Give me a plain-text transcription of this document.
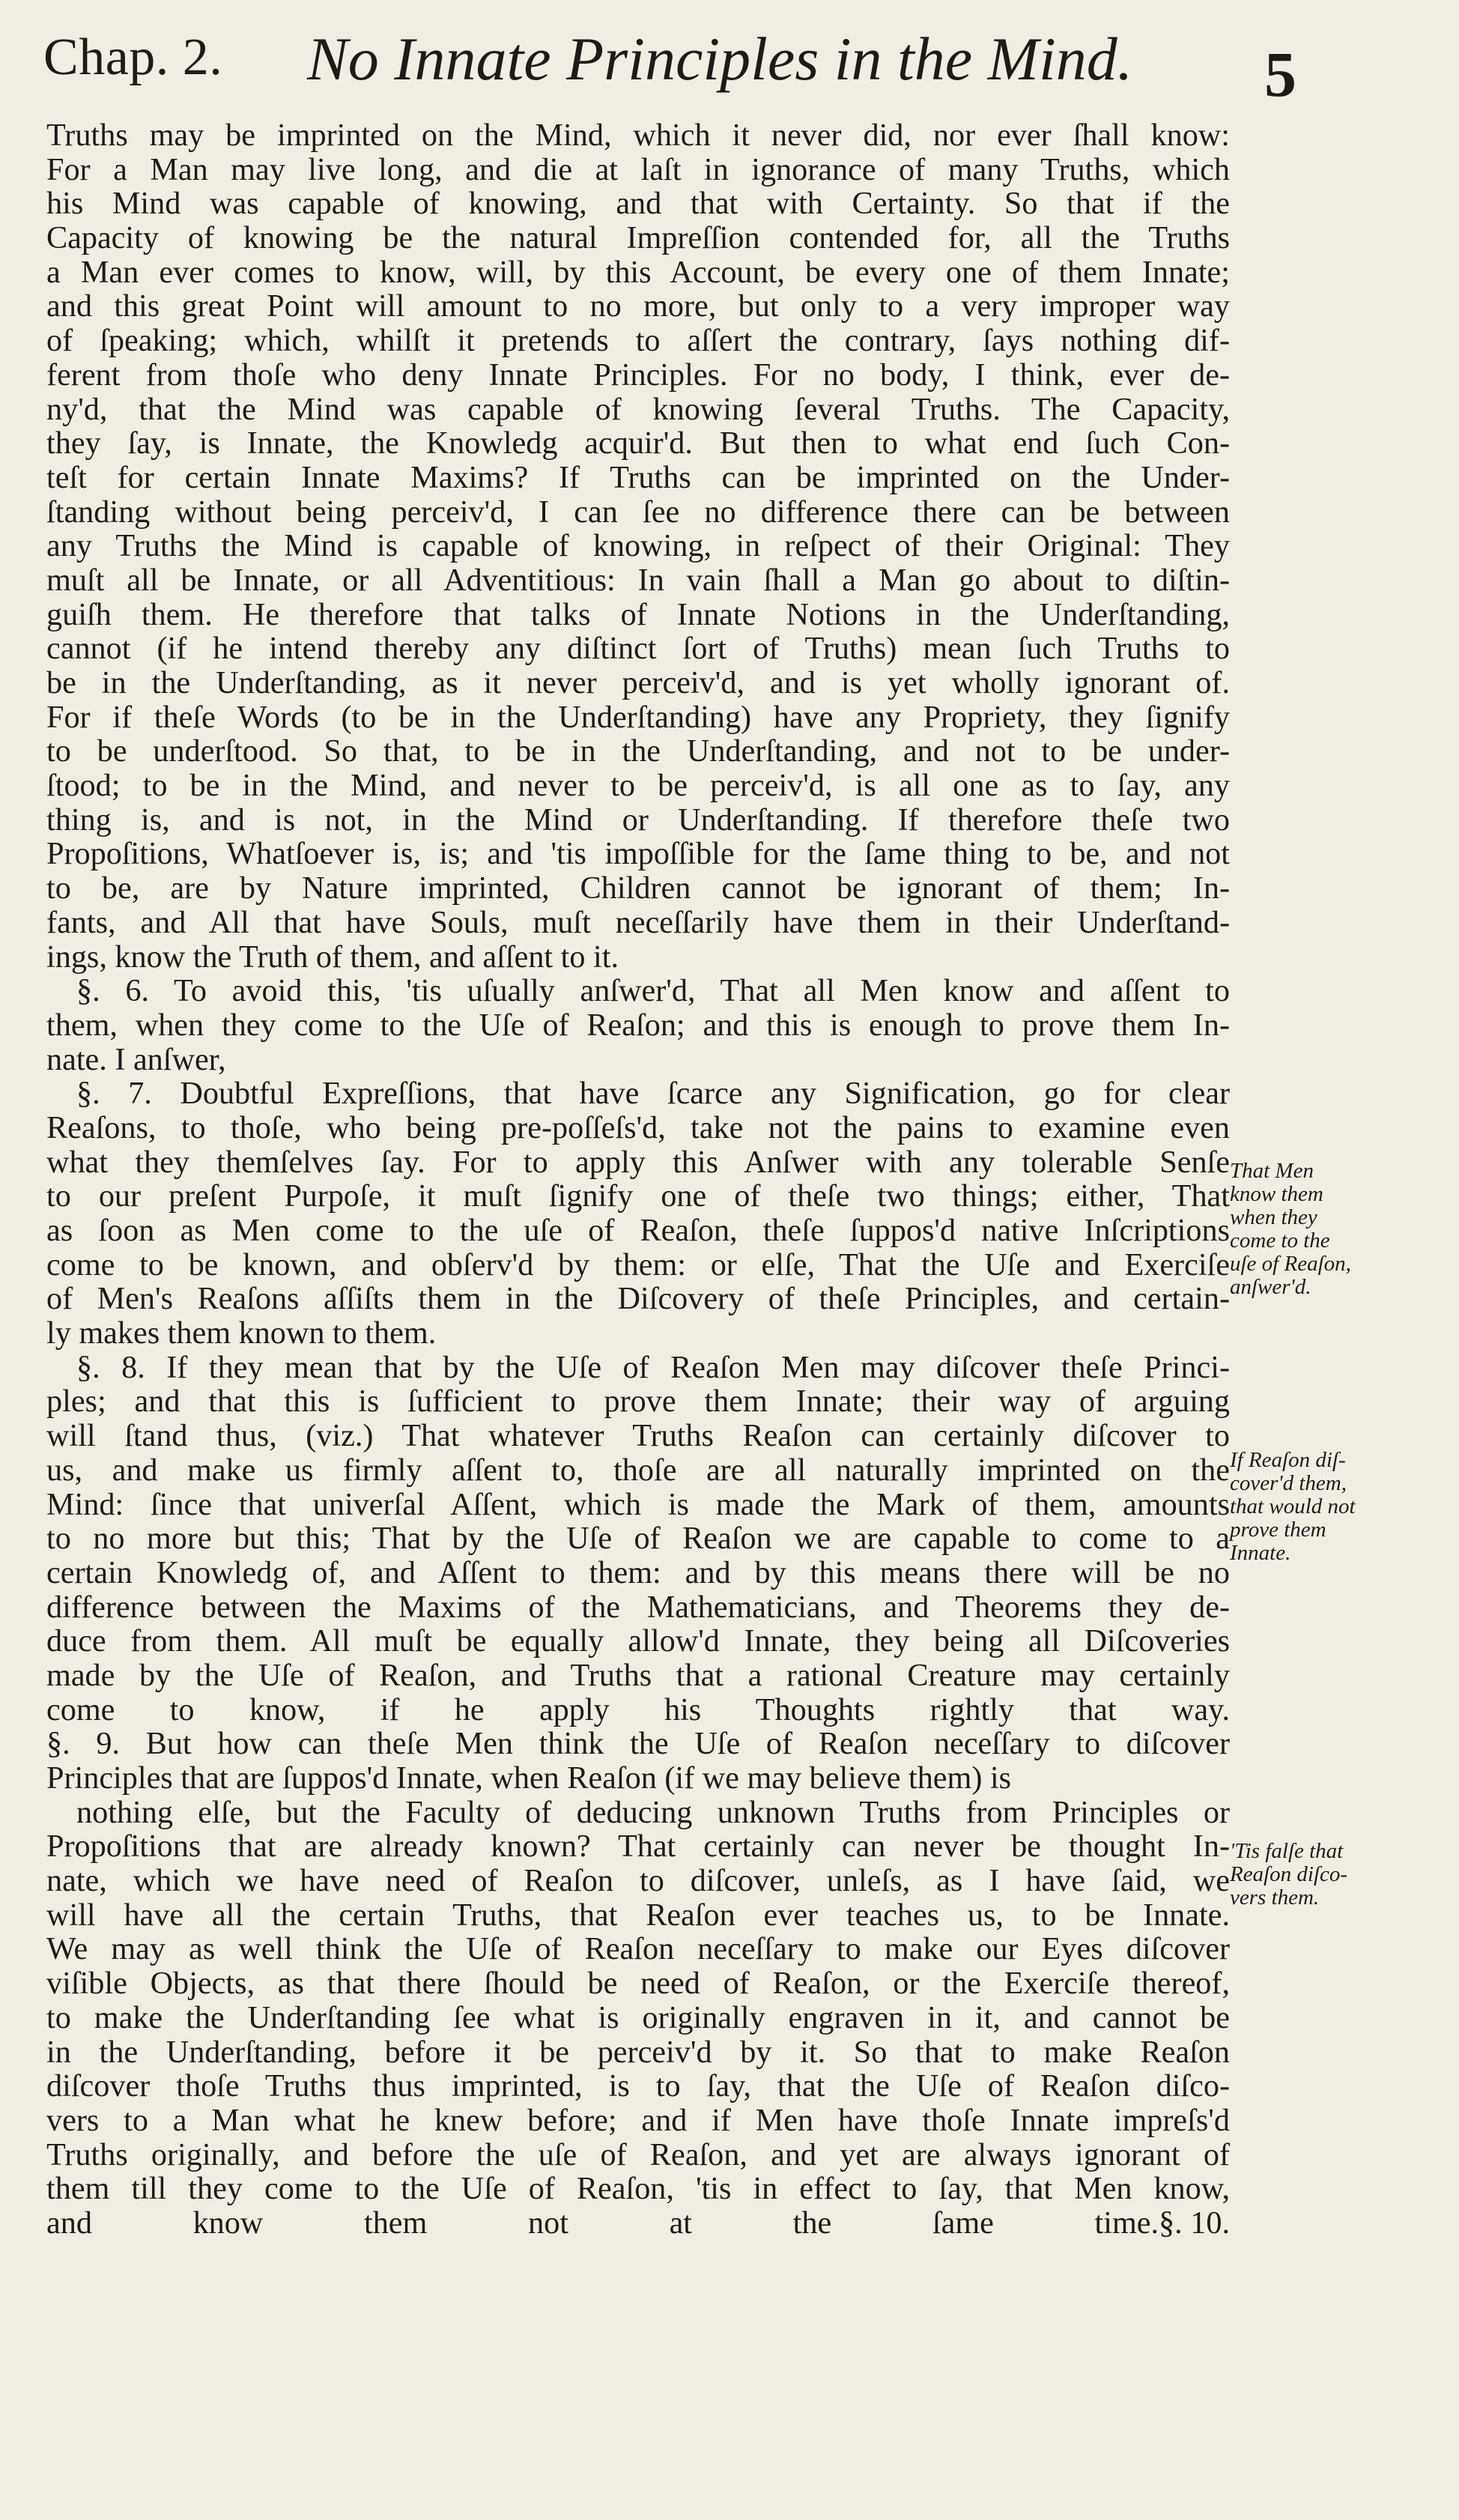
Chap. 2. No Innate Principles in the Mind. 5
Truths may be imprinted on the Mind, which it never did, nor ever ſhall know:
For a Man may live long, and die at laſt in ignorance of many Truths, which
his Mind was capable of knowing, and that with Certainty. So that if the
Capacity of knowing be the natural Impreſſion contended for, all the Truths
a Man ever comes to know, will, by this Account, be every one of them Innate;
and this great Point will amount to no more, but only to a very improper way
of ſpeaking; which, whilſt it pretends to aſſert the contrary, ſays nothing dif-
ferent from thoſe who deny Innate Principles. For no body, I think, ever de-
ny'd, that the Mind was capable of knowing ſeveral Truths. The Capacity,
they ſay, is Innate, the Knowledg acquir'd. But then to what end ſuch Con-
teſt for certain Innate Maxims? If Truths can be imprinted on the Under-
ſtanding without being perceiv'd, I can ſee no difference there can be between
any Truths the Mind is capable of knowing, in reſpect of their Original: They
muſt all be Innate, or all Adventitious: In vain ſhall a Man go about to diſtin-
guiſh them. He therefore that talks of Innate Notions in the Underſtanding,
cannot (if he intend thereby any diſtinct ſort of Truths) mean ſuch Truths to
be in the Underſtanding, as it never perceiv'd, and is yet wholly ignorant of.
For if theſe Words (to be in the Underſtanding) have any Propriety, they ſignify
to be underſtood. So that, to be in the Underſtanding, and not to be under-
ſtood; to be in the Mind, and never to be perceiv'd, is all one as to ſay, any
thing is, and is not, in the Mind or Underſtanding. If therefore theſe two
Propoſitions, Whatſoever is, is; and 'tis impoſſible for the ſame thing to be, and not
to be, are by Nature imprinted, Children cannot be ignorant of them; In-
fants, and All that have Souls, muſt neceſſarily have them in their Underſtand-
ings, know the Truth of them, and aſſent to it.
§. 6. To avoid this, 'tis uſually anſwer'd, That all Men know and aſſent to
them, when they come to the Uſe of Reaſon; and this is enough to prove them In-
nate. I anſwer,
§. 7. Doubtful Expreſſions, that have ſcarce any Signification, go for clear
Reaſons, to thoſe, who being pre-poſſeſs'd, take not the pains to examine even
what they themſelves ſay. For to apply this Anſwer with any tolerable Senſe
to our preſent Purpoſe, it muſt ſignify one of theſe two things; either, That
as ſoon as Men come to the uſe of Reaſon, theſe ſuppos'd native Inſcriptions
come to be known, and obſerv'd by them: or elſe, That the Uſe and Exerciſe
of Men's Reaſons aſſiſts them in the Diſcovery of theſe Principles, and certain-
ly makes them known to them.
§. 8. If they mean that by the Uſe of Reaſon Men may diſcover theſe Princi-
ples; and that this is ſufficient to prove them Innate; their way of arguing
will ſtand thus, (viz.) That whatever Truths Reaſon can certainly diſcover to
us, and make us firmly aſſent to, thoſe are all naturally imprinted on the
Mind: ſince that univerſal Aſſent, which is made the Mark of them, amounts
to no more but this; That by the Uſe of Reaſon we are capable to come to a
certain Knowledg of, and Aſſent to them: and by this means there will be no
difference between the Maxims of the Mathematicians, and Theorems they de-
duce from them. All muſt be equally allow'd Innate, they being all Diſcoveries
made by the Uſe of Reaſon, and Truths that a rational Creature may certainly
come to know, if he apply his Thoughts rightly that way.
§. 9. But how can theſe Men think the Uſe of Reaſon neceſſary to diſcover
Principles that are ſuppos'd Innate, when Reaſon (if we may believe them) is
nothing elſe, but the Faculty of deducing unknown Truths from Principles or
Propoſitions that are already known? That certainly can never be thought In-
nate, which we have need of Reaſon to diſcover, unleſs, as I have ſaid, we
will have all the certain Truths, that Reaſon ever teaches us, to be Innate.
We may as well think the Uſe of Reaſon neceſſary to make our Eyes diſcover
viſible Objects, as that there ſhould be need of Reaſon, or the Exerciſe thereof,
to make the Underſtanding ſee what is originally engraven in it, and cannot be
in the Underſtanding, before it be perceiv'd by it. So that to make Reaſon
diſcover thoſe Truths thus imprinted, is to ſay, that the Uſe of Reaſon diſco-
vers to a Man what he knew before; and if Men have thoſe Innate impreſs'd
Truths originally, and before the uſe of Reaſon, and yet are always ignorant of
them till they come to the Uſe of Reaſon, 'tis in effect to ſay, that Men know,
and know them not at the ſame time. §. 10.
That Men
know them
when they
come to the
uſe of Reaſon,
anſwer'd.
If Reaſon diſ-
cover'd them,
that would not
prove them
Innate.
'Tis falſe that
Reaſon diſco-
vers them.
